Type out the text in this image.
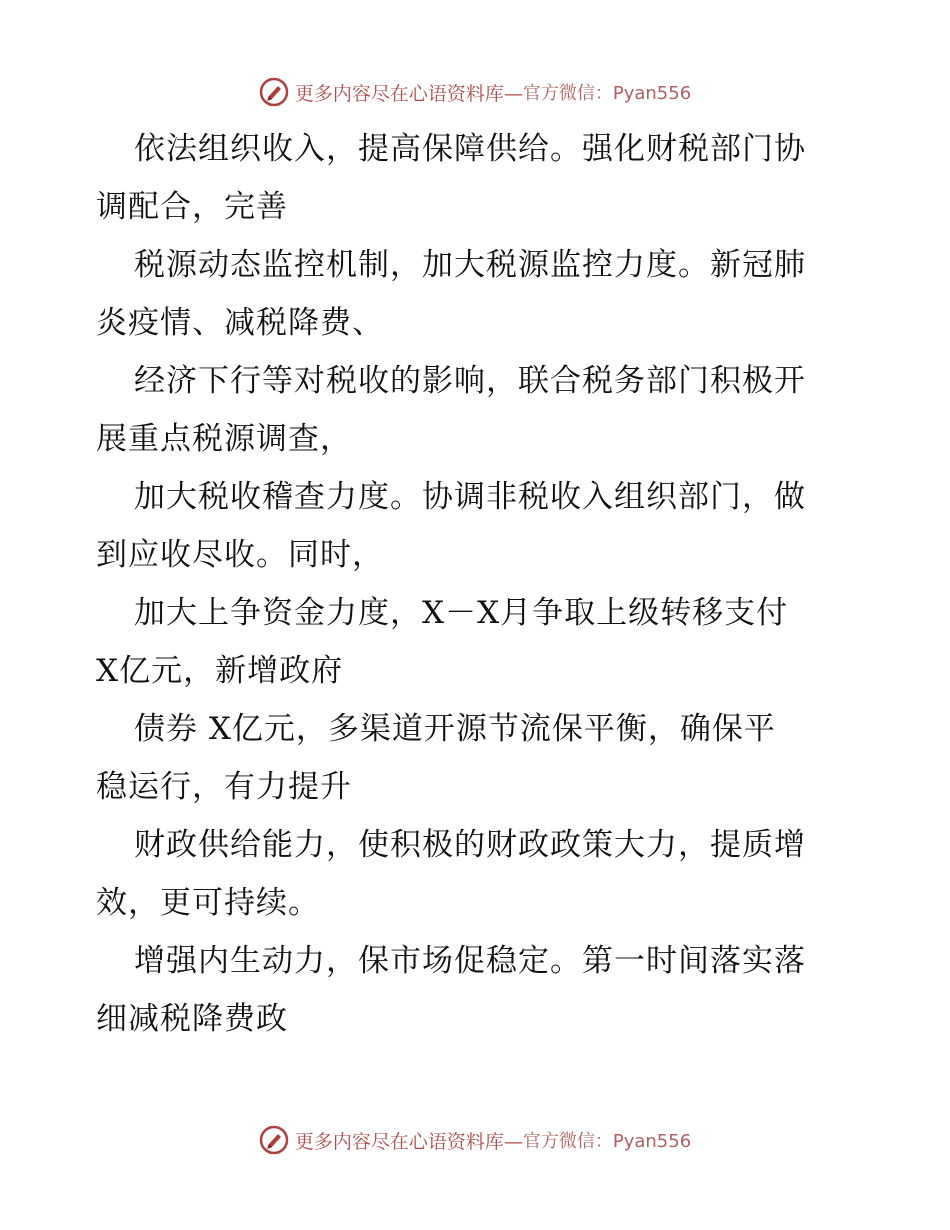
更多内容尽在心语资料库— 官方微信：Pyan556

依法组织收入，提高保障供给。强化财税部门协
调配合，完善

税源动态监控机制，加大税源监控力度。新冠肺
炎疫情、减税降费、

经济下行等对税收的影响，联合税务部门积极开
展重点税源调查，

加大税收稽查力度。协调非税收入组织部门，做
到应收尽收。同时，

加大上争资金力度，X－X月争取上级转移支付
X亿元，新增政府

债券 X亿元，多渠道开源节流保平衡，确保平
稳运行，有力提升

财政供给能力，使积极的财政政策大力，提质增
效，更可持续。

增强内生动力，保市场促稳定。第一时间落实落
细减税降费政

更多内容尽在心语资料库— 官方微信：Pyan556
